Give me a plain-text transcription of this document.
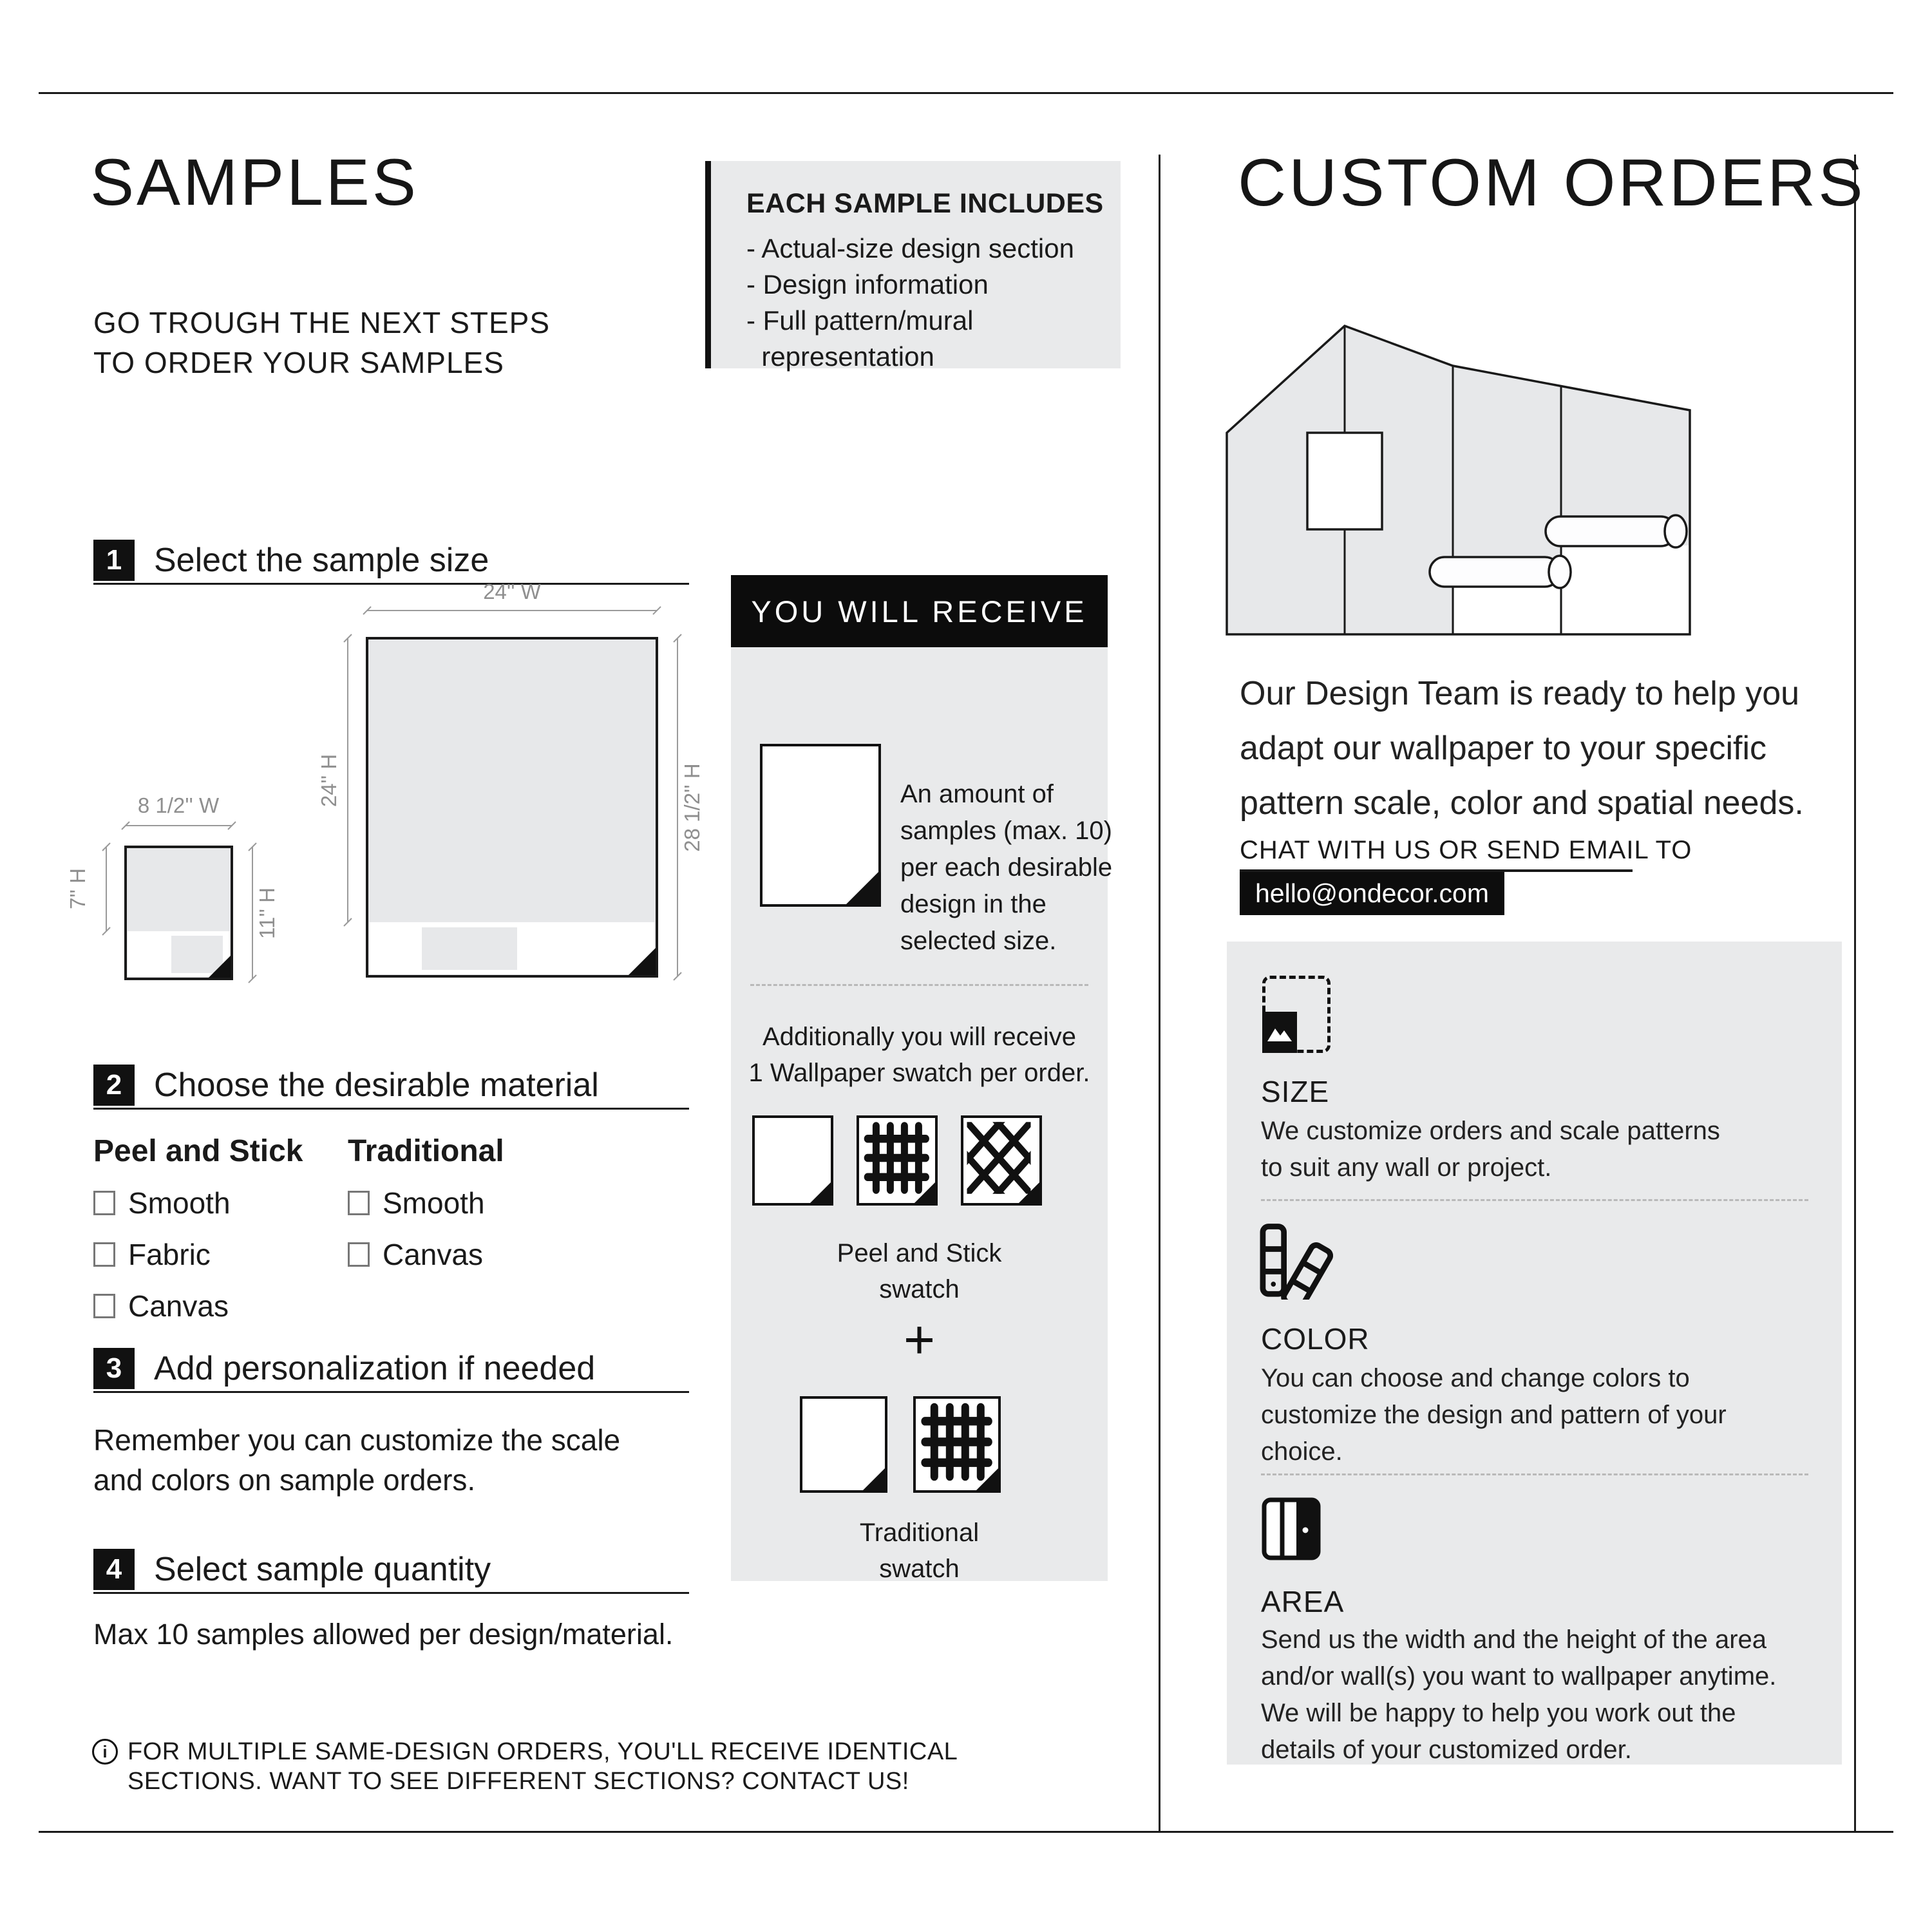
SAMPLES
GO TROUGH THE NEXT STEPS
TO ORDER YOUR SAMPLES
1 Select the sample size
24'' W
24'' H	28 1/2'' H
8 1/2'' W
7'' H	11'' H
2 Choose the desirable material
Peel and Stick
Smooth
Fabric
Canvas
Traditional
Smooth
Canvas
3 Add personalization if needed
Remember you can customize the scale
and colors on sample orders.
4 Select sample quantity
Max 10 samples allowed per design/material.
i FOR MULTIPLE SAME-DESIGN ORDERS, YOU'LL RECEIVE IDENTICAL
SECTIONS. WANT TO SEE DIFFERENT SECTIONS? CONTACT US!
EACH SAMPLE INCLUDES
- Actual-size design section
- Design information
- Full pattern/mural
representation
YOU WILL RECEIVE
An amount of
samples (max. 10)
per each desirable
design in the
selected size.
Additionally you will receive
1 Wallpaper swatch per order.
Peel and Stick
swatch
+
Traditional
swatch
CUSTOM ORDERS
Our Design Team is ready to help you
adapt our wallpaper to your specific
pattern scale, color and spatial needs.
CHAT WITH US OR SEND EMAIL TO
hello@ondecor.com
SIZE
We customize orders and scale patterns
to suit any wall or project.
COLOR
You can choose and change colors to
customize the design and pattern of your
choice.
AREA
Send us the width and the height of the area
and/or wall(s) you want to wallpaper anytime.
We will be happy to help you work out the
details of your customized order.
